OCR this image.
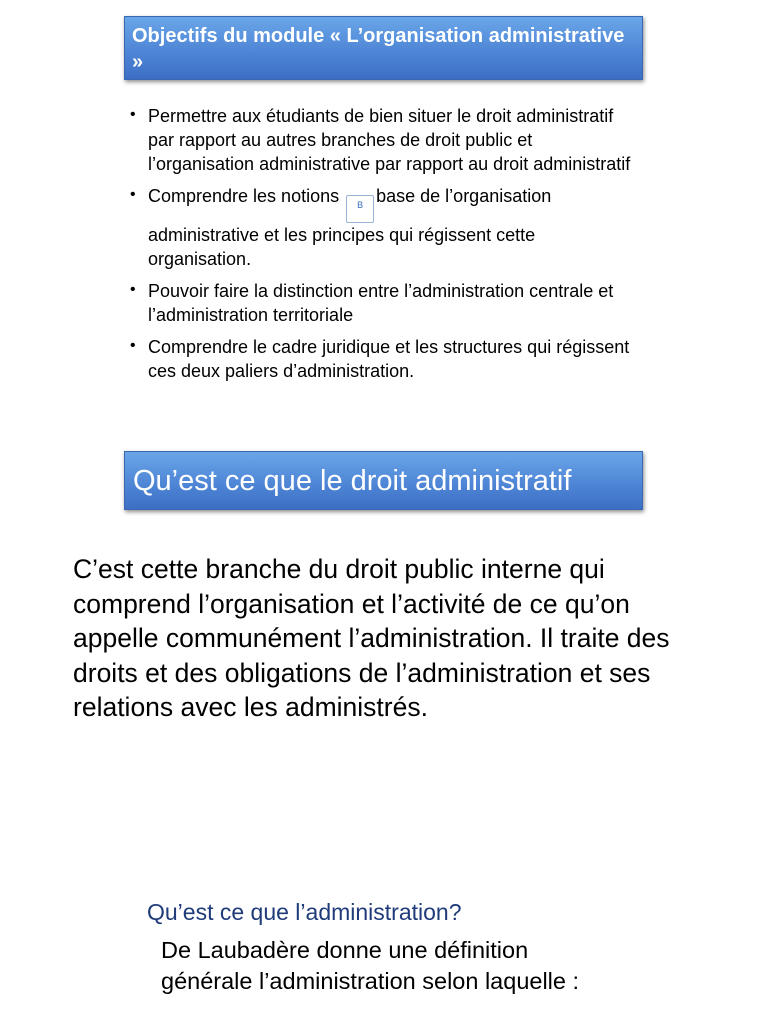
Objectifs du module « L’organisation administrative »
• Permettre aux étudiants de bien situer le droit administratif par rapport au autres branches de droit public et l’organisation administrative par rapport au droit administratif
• Comprendre les notions B base de l’organisation administrative et les principes qui régissent cette organisation.
• Pouvoir faire la distinction entre l’administration centrale et l’administration territoriale
• Comprendre le cadre juridique et les structures qui régissent ces deux paliers d’administration.
Qu’est ce que le droit administratif
C’est cette branche du droit public interne qui comprend l’organisation et l’activité de ce qu’on appelle communément l’administration. Il traite des droits et des obligations de l’administration et ses relations avec les administrés.
Qu’est ce que l’administration?
De Laubadère donne une définition générale l’administration selon laquelle :
